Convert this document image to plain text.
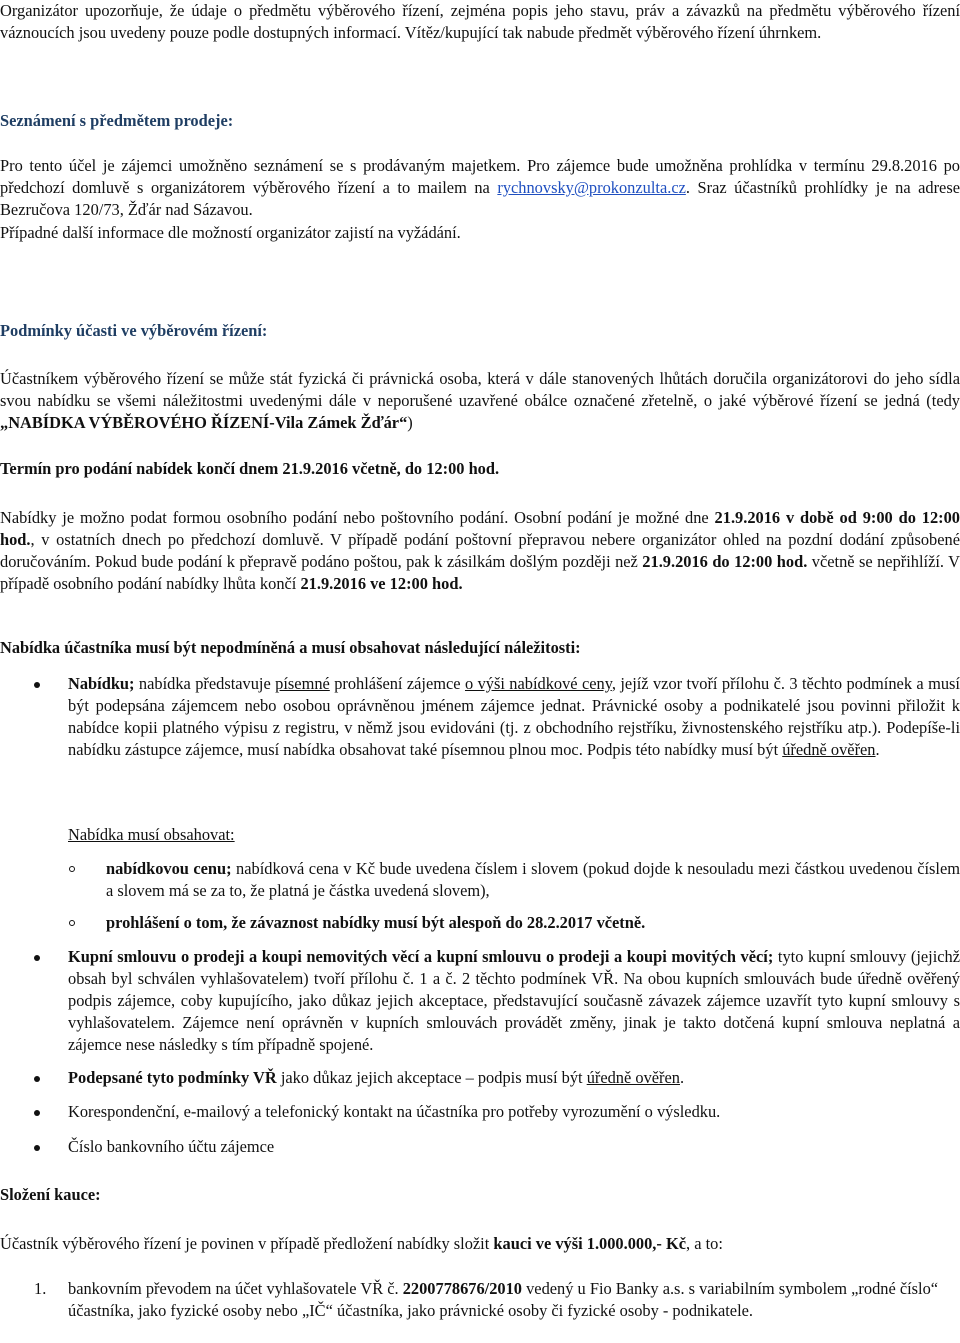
Organizátor upozorňuje, že údaje o předmětu výběrového řízení, zejména popis jeho stavu, práv a závazků na předmětu výběrového řízení váznoucích jsou uvedeny pouze podle dostupných informací. Vítěz/kupující tak nabude předmět výběrového řízení úhrnkem.

Seznámení s předmětem prodeje:

Pro tento účel je zájemci umožněno seznámení se s prodávaným majetkem. Pro zájemce bude umožněna prohlídka v termínu 29.8.2016 po předchozí domluvě s organizátorem výběrového řízení a to mailem na rychnovsky@prokonzulta.cz. Sraz účastníků prohlídky je na adrese Bezručova 120/73, Žďár nad Sázavou.

Případné další informace dle možností organizátor zajistí na vyžádání.

Podmínky účasti ve výběrovém řízení:

Účastníkem výběrového řízení se může stát fyzická či právnická osoba, která v dále stanovených lhůtách doručila organizátorovi do jeho sídla svou nabídku se všemi náležitostmi uvedenými dále v neporušené uzavřené obálce označené zřetelně, o jaké výběrové řízení se jedná (tedy „NABÍDKA VÝBĚROVÉHO ŘÍZENÍ-Vila Zámek Žďár“)

Termín pro podání nabídek končí dnem 21.9.2016 včetně, do 12:00 hod.

Nabídky je možno podat formou osobního podání nebo poštovního podání. Osobní podání je možné dne 21.9.2016 v době od 9:00 do 12:00 hod., v ostatních dnech po předchozí domluvě. V případě podání poštovní přepravou nebere organizátor ohled na pozdní dodání způsobené doručováním. Pokud bude podání k přepravě podáno poštou, pak k zásilkám došlým později než 21.9.2016 do 12:00 hod. včetně se nepřihlíží. V případě osobního podání nabídky lhůta končí 21.9.2016 ve 12:00 hod.

Nabídka účastníka musí být nepodmíněná a musí obsahovat následující náležitosti:

Nabídku; nabídka představuje písemné prohlášení zájemce o výši nabídkové ceny, jejíž vzor tvoří přílohu č. 3 těchto podmínek a musí být podepsána zájemcem nebo osobou oprávněnou jménem zájemce jednat. Právnické osoby a podnikatelé jsou povinni přiložit k nabídce kopii platného výpisu z registru, v němž jsou evidováni (tj. z obchodního rejstříku, živnostenského rejstříku atp.). Podepíše-li nabídku zástupce zájemce, musí nabídka obsahovat také písemnou plnou moc. Podpis této nabídky musí být úředně ověřen.

Nabídka musí obsahovat:

nabídkovou cenu; nabídková cena v Kč bude uvedena číslem i slovem (pokud dojde k nesouladu mezi částkou uvedenou číslem a slovem má se za to, že platná je částka uvedená slovem),

prohlášení o tom, že závaznost nabídky musí být alespoň do 28.2.2017 včetně.

Kupní smlouvu o prodeji a koupi nemovitých věcí a kupní smlouvu o prodeji a koupi movitých věcí; tyto kupní smlouvy (jejichž obsah byl schválen vyhlašovatelem) tvoří přílohu č. 1 a č. 2 těchto podmínek VŘ. Na obou kupních smlouvách bude úředně ověřený podpis zájemce, coby kupujícího, jako důkaz jejich akceptace, představující současně závazek zájemce uzavřít tyto kupní smlouvy s vyhlašovatelem. Zájemce není oprávněn v kupních smlouvách provádět změny, jinak je takto dotčená kupní smlouva neplatná a zájemce nese následky s tím případně spojené.

Podepsané tyto podmínky VŘ jako důkaz jejich akceptace – podpis musí být úředně ověřen.

Korespondenční, e-mailový a telefonický kontakt na účastníka pro potřeby vyrozumění o výsledku.

Číslo bankovního účtu zájemce

Složení kauce:

Účastník výběrového řízení je povinen v případě předložení nabídky složit kauci ve výši 1.000.000,- Kč, a to:

1. bankovním převodem na účet vyhlašovatele VŘ č. 2200778676/2010 vedený u Fio Banky a.s. s variabilním symbolem „rodné číslo“ účastníka, jako fyzické osoby nebo „IČ“ účastníka, jako právnické osoby či fyzické osoby - podnikatele.
